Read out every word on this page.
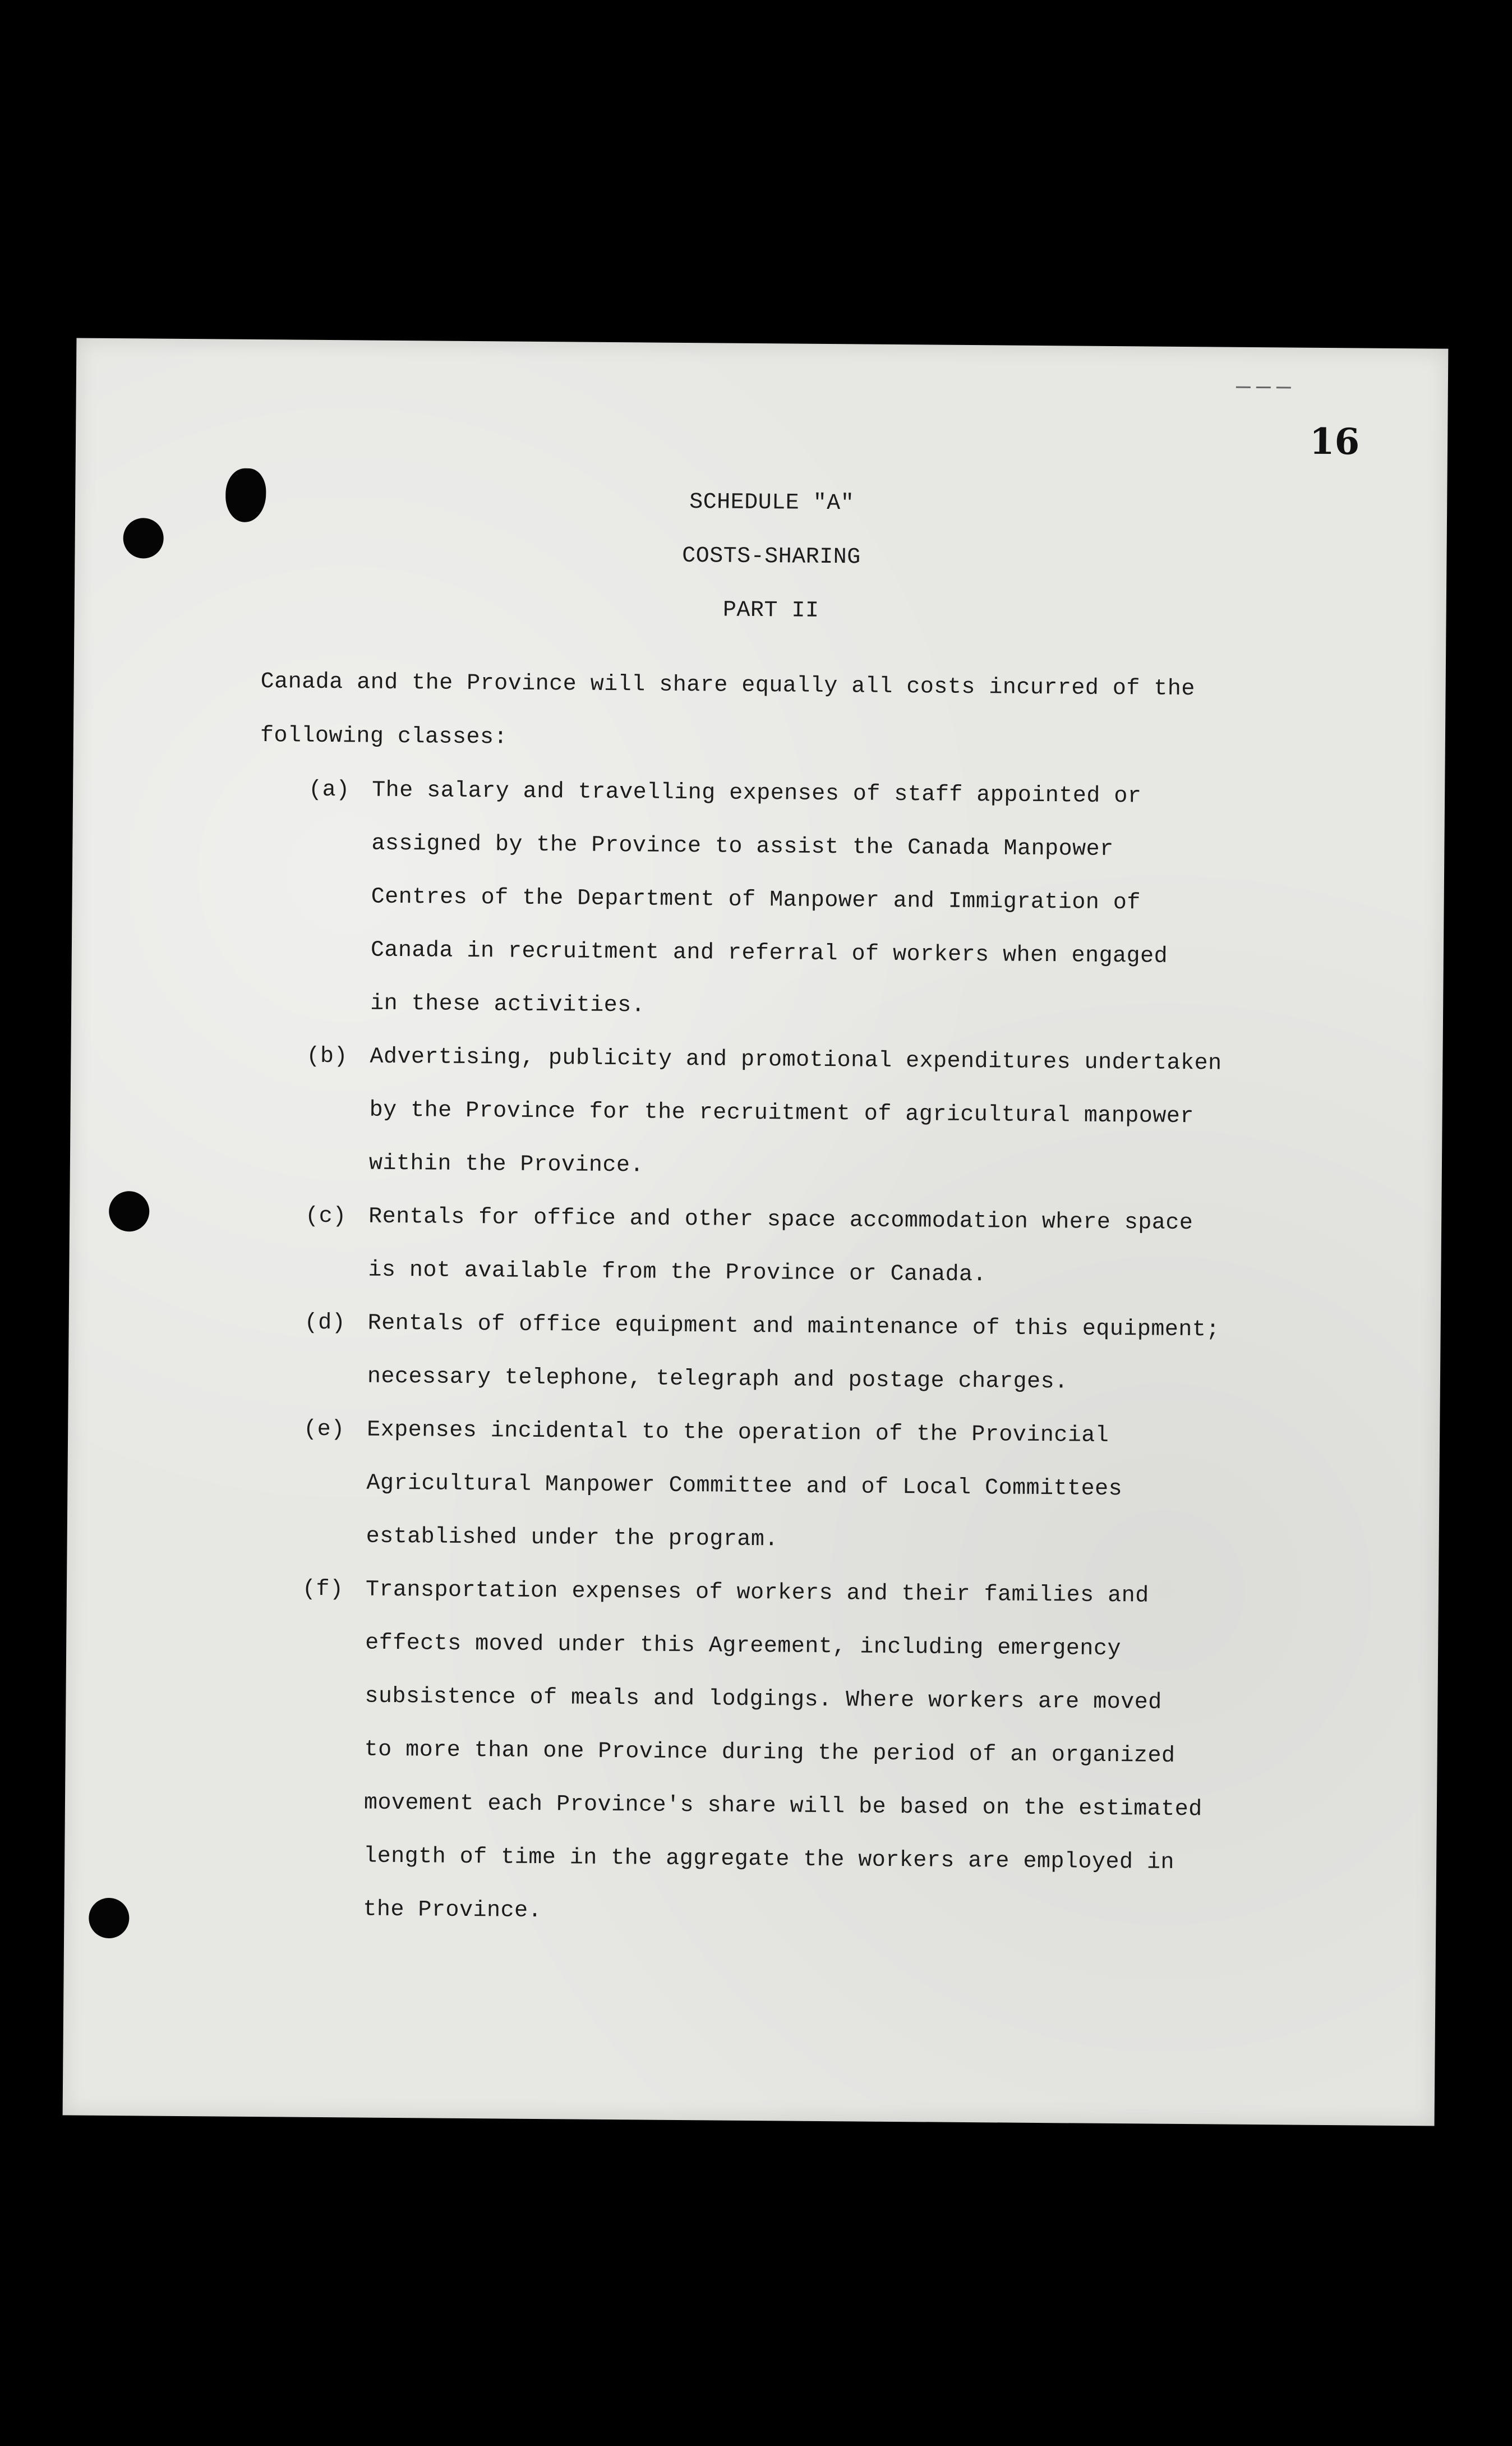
16
SCHEDULE "A"
COSTS-SHARING
PART II
Canada and the Province will share equally all costs incurred of the
following classes:
(a) The salary and travelling expenses of staff appointed or
assigned by the Province to assist the Canada Manpower
Centres of the Department of Manpower and Immigration of
Canada in recruitment and referral of workers when engaged
in these activities.
(b) Advertising, publicity and promotional expenditures undertaken
by the Province for the recruitment of agricultural manpower
within the Province.
(c) Rentals for office and other space accommodation where space
is not available from the Province or Canada.
(d) Rentals of office equipment and maintenance of this equipment;
necessary telephone, telegraph and postage charges.
(e) Expenses incidental to the operation of the Provincial
Agricultural Manpower Committee and of Local Committees
established under the program.
(f) Transportation expenses of workers and their families and
effects moved under this Agreement, including emergency
subsistence of meals and lodgings. Where workers are moved
to more than one Province during the period of an organized
movement each Province's share will be based on the estimated
length of time in the aggregate the workers are employed in
the Province.
